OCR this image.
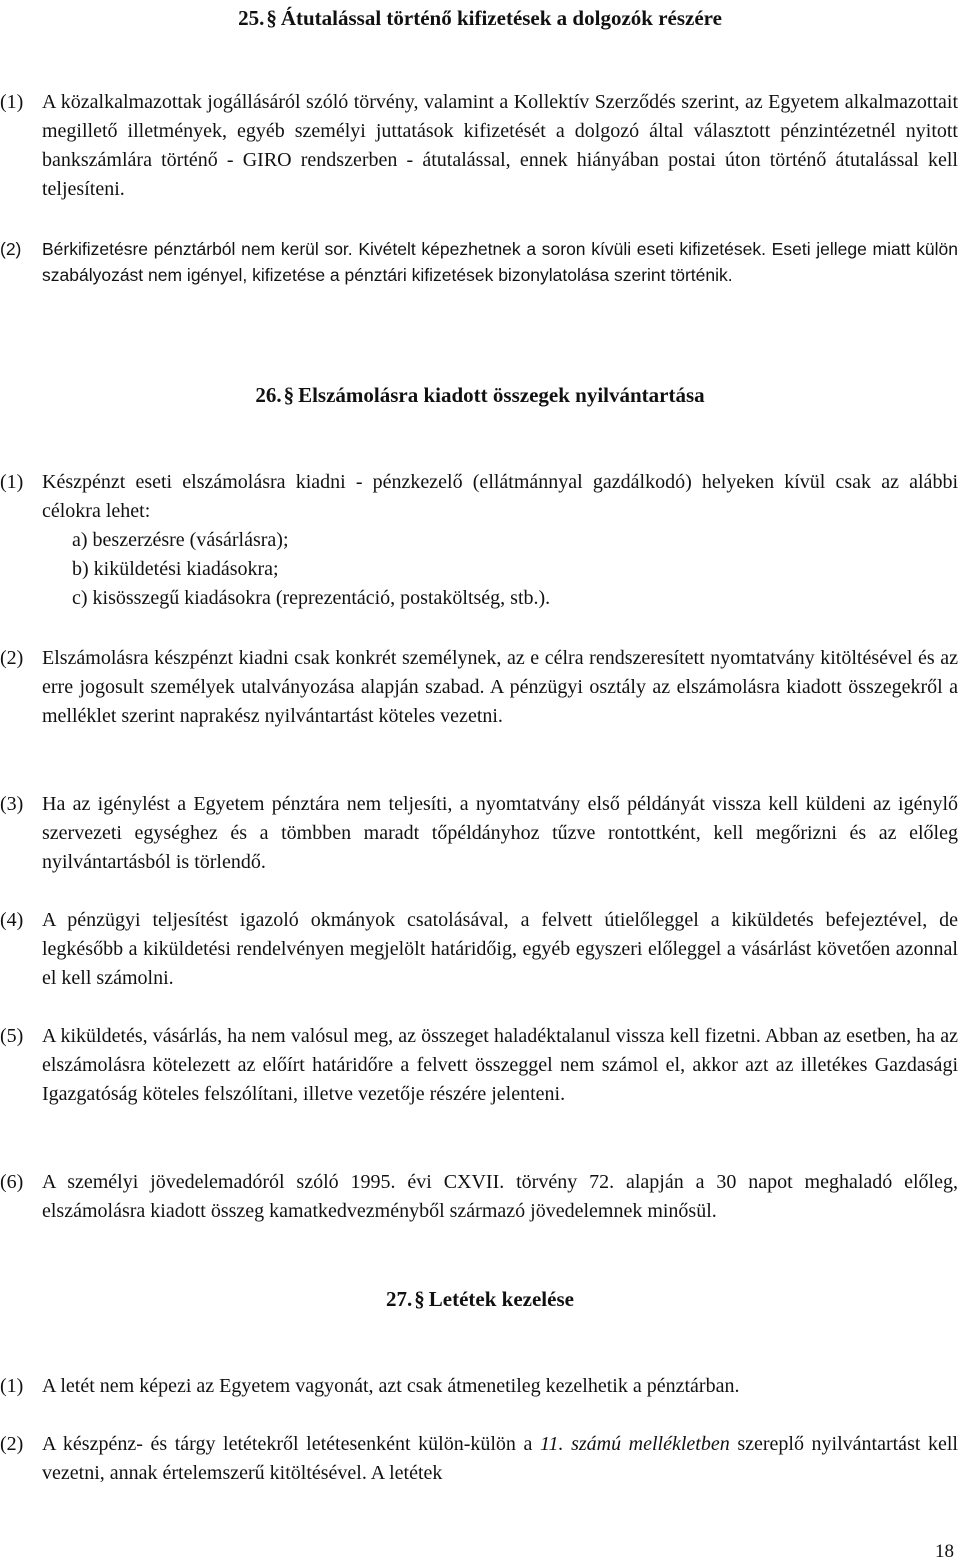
25.§ Átutalással történő kifizetések a dolgozók részére
(1) A közalkalmazottak jogállásáról szóló törvény, valamint a Kollektív Szerződés szerint, az Egyetem alkalmazottait megillető illetmények, egyéb személyi juttatások kifizetését a dolgozó által választott pénzintézetnél nyitott bankszámlára történő - GIRO rendszerben - átutalással, ennek hiányában postai úton történő átutalással kell teljesíteni.
(2) Bérkifizetésre pénztárból nem kerül sor. Kivételt képezhetnek a soron kívüli eseti kifizetések. Eseti jellege miatt külön szabályozást nem igényel, kifizetése a pénztári kifizetések bizonylatolása szerint történik.
26.§ Elszámolásra kiadott összegek nyilvántartása
(1) Készpénzt eseti elszámolásra kiadni - pénzkezelő (ellátmánnyal gazdálkodó) helyeken kívül csak az alábbi célokra lehet:
a) beszerzésre (vásárlásra);
b) kiküldetési kiadásokra;
c) kisösszegű kiadásokra (reprezentáció, postaköltség, stb.).
(2) Elszámolásra készpénzt kiadni csak konkrét személynek, az e célra rendszeresített nyomtatvány kitöltésével és az erre jogosult személyek utalványozása alapján szabad. A pénzügyi osztály az elszámolásra kiadott összegekről a melléklet szerint naprakész nyilvántartást köteles vezetni.
(3) Ha az igénylést a Egyetem pénztára nem teljesíti, a nyomtatvány első példányát vissza kell küldeni az igénylő szervezeti egységhez és a tömbben maradt tőpéldányhoz tűzve rontottként, kell megőrizni és az előleg nyilvántartásból is törlendő.
(4) A pénzügyi teljesítést igazoló okmányok csatolásával, a felvett útielőleggel a kiküldetés befejeztével, de legkésőbb a kiküldetési rendelvényen megjelölt határidőig, egyéb egyszeri előleggel a vásárlást követően azonnal el kell számolni.
(5) A kiküldetés, vásárlás, ha nem valósul meg, az összeget haladéktalanul vissza kell fizetni. Abban az esetben, ha az elszámolásra kötelezett az előírt határidőre a felvett összeggel nem számol el, akkor azt az illetékes Gazdasági Igazgatóság köteles felszólítani, illetve vezetője részére jelenteni.
(6) A személyi jövedelemadóról szóló 1995. évi CXVII. törvény 72. alapján a 30 napot meghaladó előleg, elszámolásra kiadott összeg kamatkedvezményből származó jövedelemnek minősül.
27.§ Letétek kezelése
(1) A letét nem képezi az Egyetem vagyonát, azt csak átmenetileg kezelhetik a pénztárban.
(2) A készpénz- és tárgy letétekről letétesenként külön-külön a 11. számú mellékletben szereplő nyilvántartást kell vezetni, annak értelemszerű kitöltésével. A letétek
18
